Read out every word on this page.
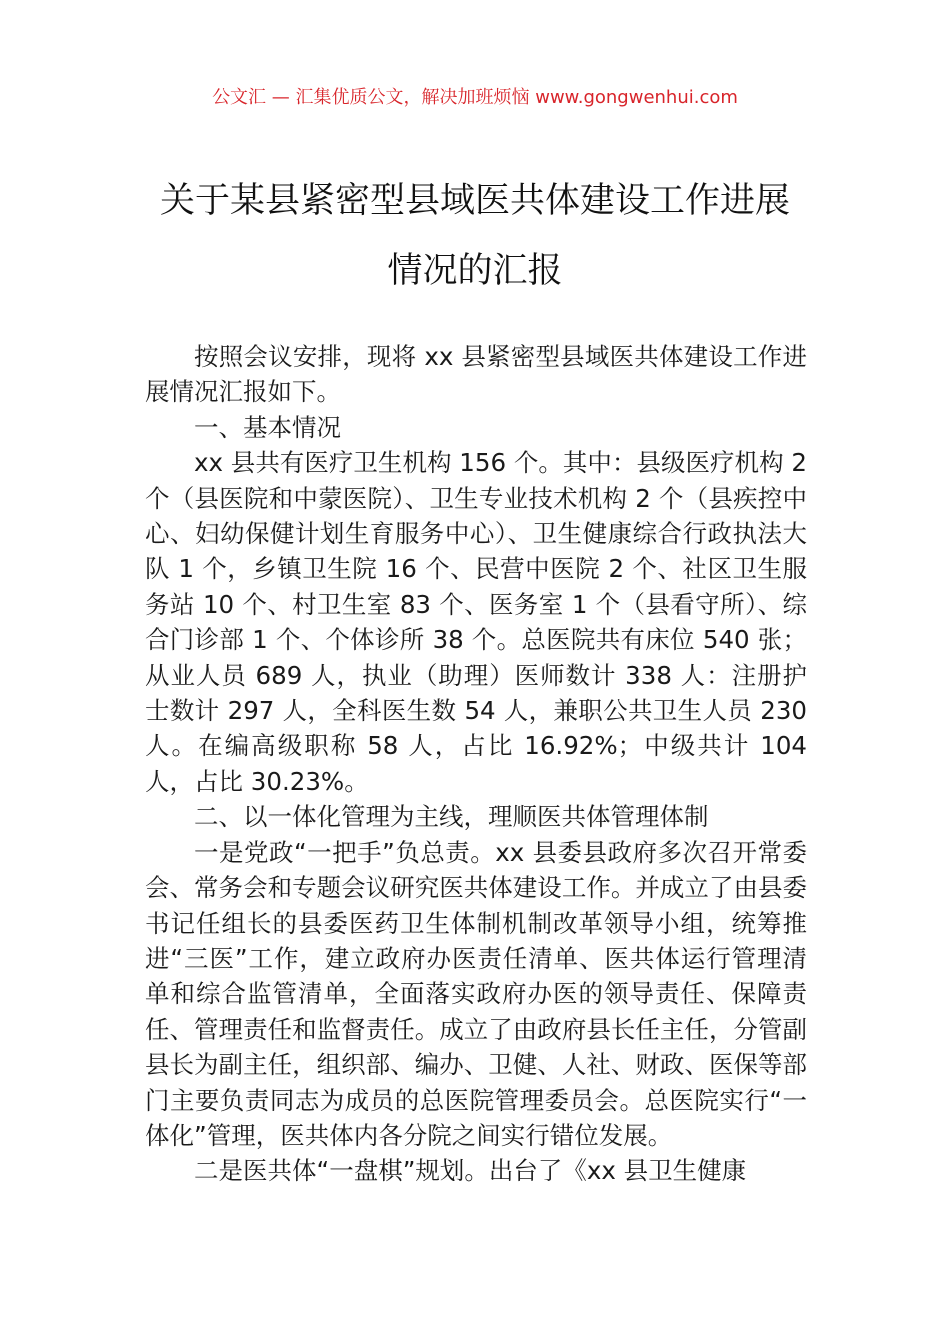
公文汇 — 汇集优质公文，解决加班烦恼 www.gongwenhui.com
关于某县紧密型县域医共体建设工作进展
情况的汇报

按照会议安排，现将 xx 县紧密型县域医共体建设工作进展情况汇报如下。

一、基本情况

xx 县共有医疗卫生机构 156 个。其中：县级医疗机构 2 个（县医院和中蒙医院）、卫生专业技术机构 2 个（县疾控中心、妇幼保健计划生育服务中心）、卫生健康综合行政执法大队 1 个，乡镇卫生院 16 个、民营中医院 2 个、社区卫生服务站 10 个、村卫生室 83 个、医务室 1 个（县看守所）、综合门诊部 1 个、个体诊所 38 个。总医院共有床位 540 张；从业人员 689 人，执业（助理）医师数计 338 人：注册护士数计 297 人，全科医生数 54 人，兼职公共卫生人员 230 人。在编高级职称 58 人，占比 16.92%；中级共计 104 人，占比 30.23%。

二、以一体化管理为主线，理顺医共体管理体制

一是党政“一把手”负总责。xx 县委县政府多次召开常委会、常务会和专题会议研究医共体建设工作。并成立了由县委书记任组长的县委医药卫生体制机制改革领导小组，统筹推进“三医”工作，建立政府办医责任清单、医共体运行管理清单和综合监管清单，全面落实政府办医的领导责任、保障责任、管理责任和监督责任。成立了由政府县长任主任，分管副县长为副主任，组织部、编办、卫健、人社、财政、医保等部门主要负责同志为成员的总医院管理委员会。总医院实行“一体化”管理，医共体内各分院之间实行错位发展。

二是医共体“一盘棋”规划。出台了《xx 县卫生健康
